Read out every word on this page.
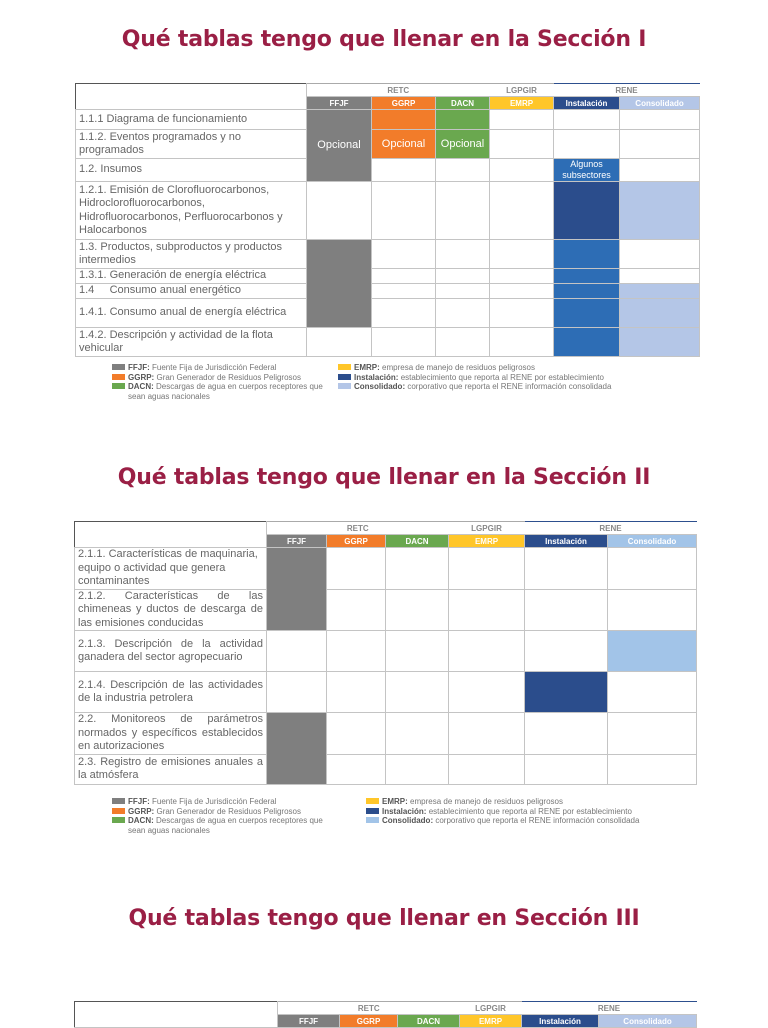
Qué tablas tengo que llenar en la Sección I
	RETC			LGPGIR	RENE	
	FFJF	GGRP	DACN	EMRP	Instalación	Consolidado
1.1.1 Diagrama de funcionamiento	Opcional					
1.1.2. Eventos programados y no programados		Opcional	Opcional			
1.2. Insumos					Algunos subsectores	
1.2.1. Emisión de Clorofluorocarbonos, Hidroclorofluorocarbonos, Hidrofluorocarbonos, Perfluorocarbonos y Halocarbonos						
1.3. Productos, subproductos y productos intermedios						
1.3.1. Generación de energía eléctrica						
1.4     Consumo anual energético						
1.4.1. Consumo anual de energía eléctrica						
1.4.2. Descripción y actividad de la flota vehicular						
FFJF: Fuente Fija de Jurisdicción Federal
GGRP: Gran Generador de Residuos Peligrosos
DACN: Descargas de agua en cuerpos receptores que sean aguas nacionales
EMRP: empresa de manejo de residuos peligrosos
Instalación: establecimiento que reporta al RENE por establecimiento
Consolidado: corporativo que reporta el RENE información consolidada
Qué tablas tengo que llenar en la Sección II
	RETC			LGPGIR	RENE	
	FFJF	GGRP	DACN	EMRP	Instalación	Consolidado
2.1.1. Características de maquinaria, equipo o actividad que genera contaminantes						
2.1.2. Características de las chimeneas y ductos de descarga de las emisiones conducidas						
2.1.3. Descripción de la actividad ganadera del sector agropecuario						
2.1.4. Descripción de las actividades de la industria petrolera						
2.2. Monitoreos de parámetros normados y específicos establecidos en autorizaciones						
2.3. Registro de emisiones anuales a la atmósfera						
FFJF: Fuente Fija de Jurisdicción Federal
GGRP: Gran Generador de Residuos Peligrosos
DACN: Descargas de agua en cuerpos receptores que sean aguas nacionales
EMRP: empresa de manejo de residuos peligrosos
Instalación: establecimiento que reporta al RENE por establecimiento
Consolidado: corporativo que reporta el RENE información consolidada
Qué tablas tengo que llenar en Sección III
	RETC			LGPGIR	RENE	
	FFJF	GGRP	DACN	EMRP	Instalación	Consolidado
